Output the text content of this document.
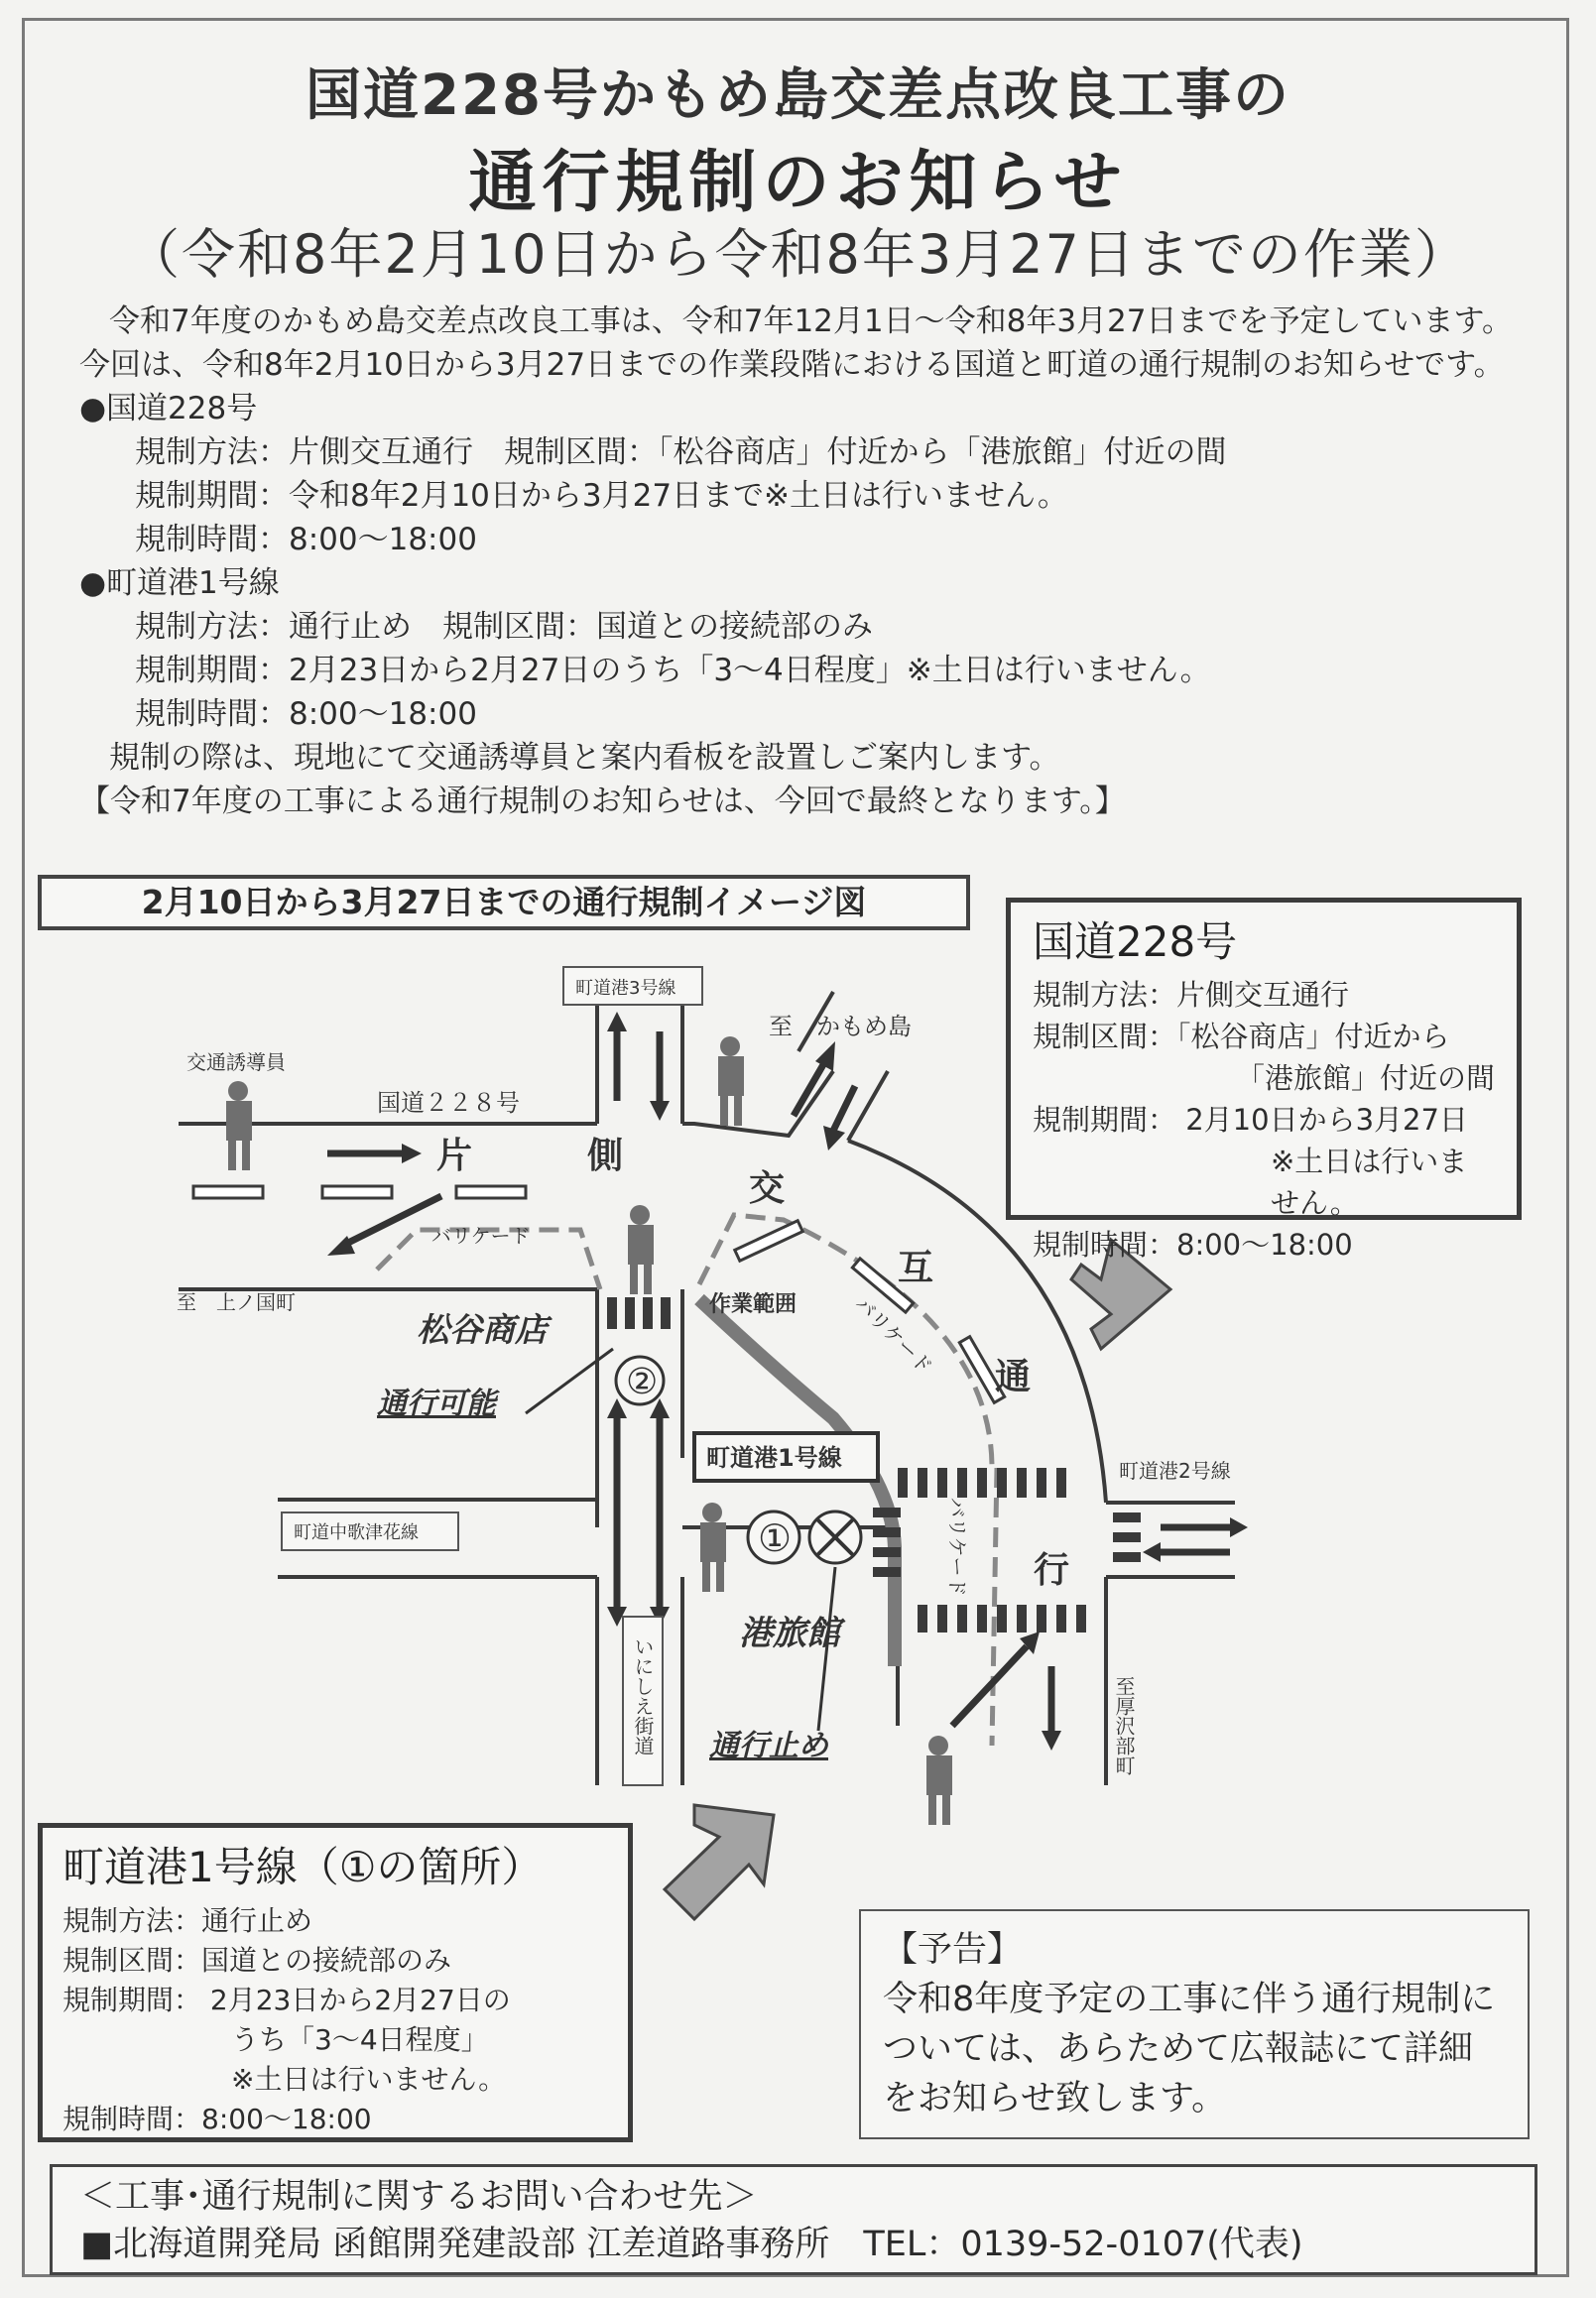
国道228号かもめ島交差点改良工事の
通行規制のお知らせ
（令和8年2月10日から令和8年3月27日までの作業）

令和7年度のかもめ島交差点改良工事は、令和7年12月1日～令和8年3月27日までを予定しています。今回は、令和8年2月10日から3月27日までの作業段階における国道と町道の通行規制のお知らせです。

●国道228号

規制方法：片側交互通行　規制区間：「松谷商店」付近から「港旅館」付近の間

規制期間：令和8年2月10日から3月27日まで※土日は行いません。

規制時間：8:00～18:00

●町道港1号線

規制方法：通行止め　規制区間：国道との接続部のみ

規制期間：2月23日から2月27日のうち「3～4日程度」※土日は行いません。

規制時間：8:00～18:00

規制の際は、現地にて交通誘導員と案内看板を設置しご案内します。

【令和7年度の工事による通行規制のお知らせは、今回で最終となります。】

至　かもめ島
町道港3号線
交通誘導員
国道２２８号
片	側
交
互
通
行
バリケード
バリケード
バリケード
至　上ノ国町
松谷商店
通行可能
作業範囲
町道港1号線	町道港2号線
町道中歌津花線
港旅館
通行止め
いにしえ街道	至厚沢部町
②
①
2月10日から3月27日までの通行規制イメージ図
国道228号
規制方法：片側交互通行
規制区間：「松谷商店」付近から
「港旅館」付近の間
規制期間： 2月10日から3月27日
※土日は行いません。
規制時間：8:00～18:00
町道港1号線（①の箇所）
規制方法：通行止め
規制区間：国道との接続部のみ
規制期間： 2月23日から2月27日の
うち「3～4日程度」
※土日は行いません。
規制時間：8:00～18:00
【予告】
令和8年度予定の工事に伴う通行規制については、あらためて広報誌にて詳細をお知らせ致します。
＜工事･通行規制に関するお問い合わせ先＞
■北海道開発局 函館開発建設部 江差道路事務所 TEL：0139-52-0107(代表)
